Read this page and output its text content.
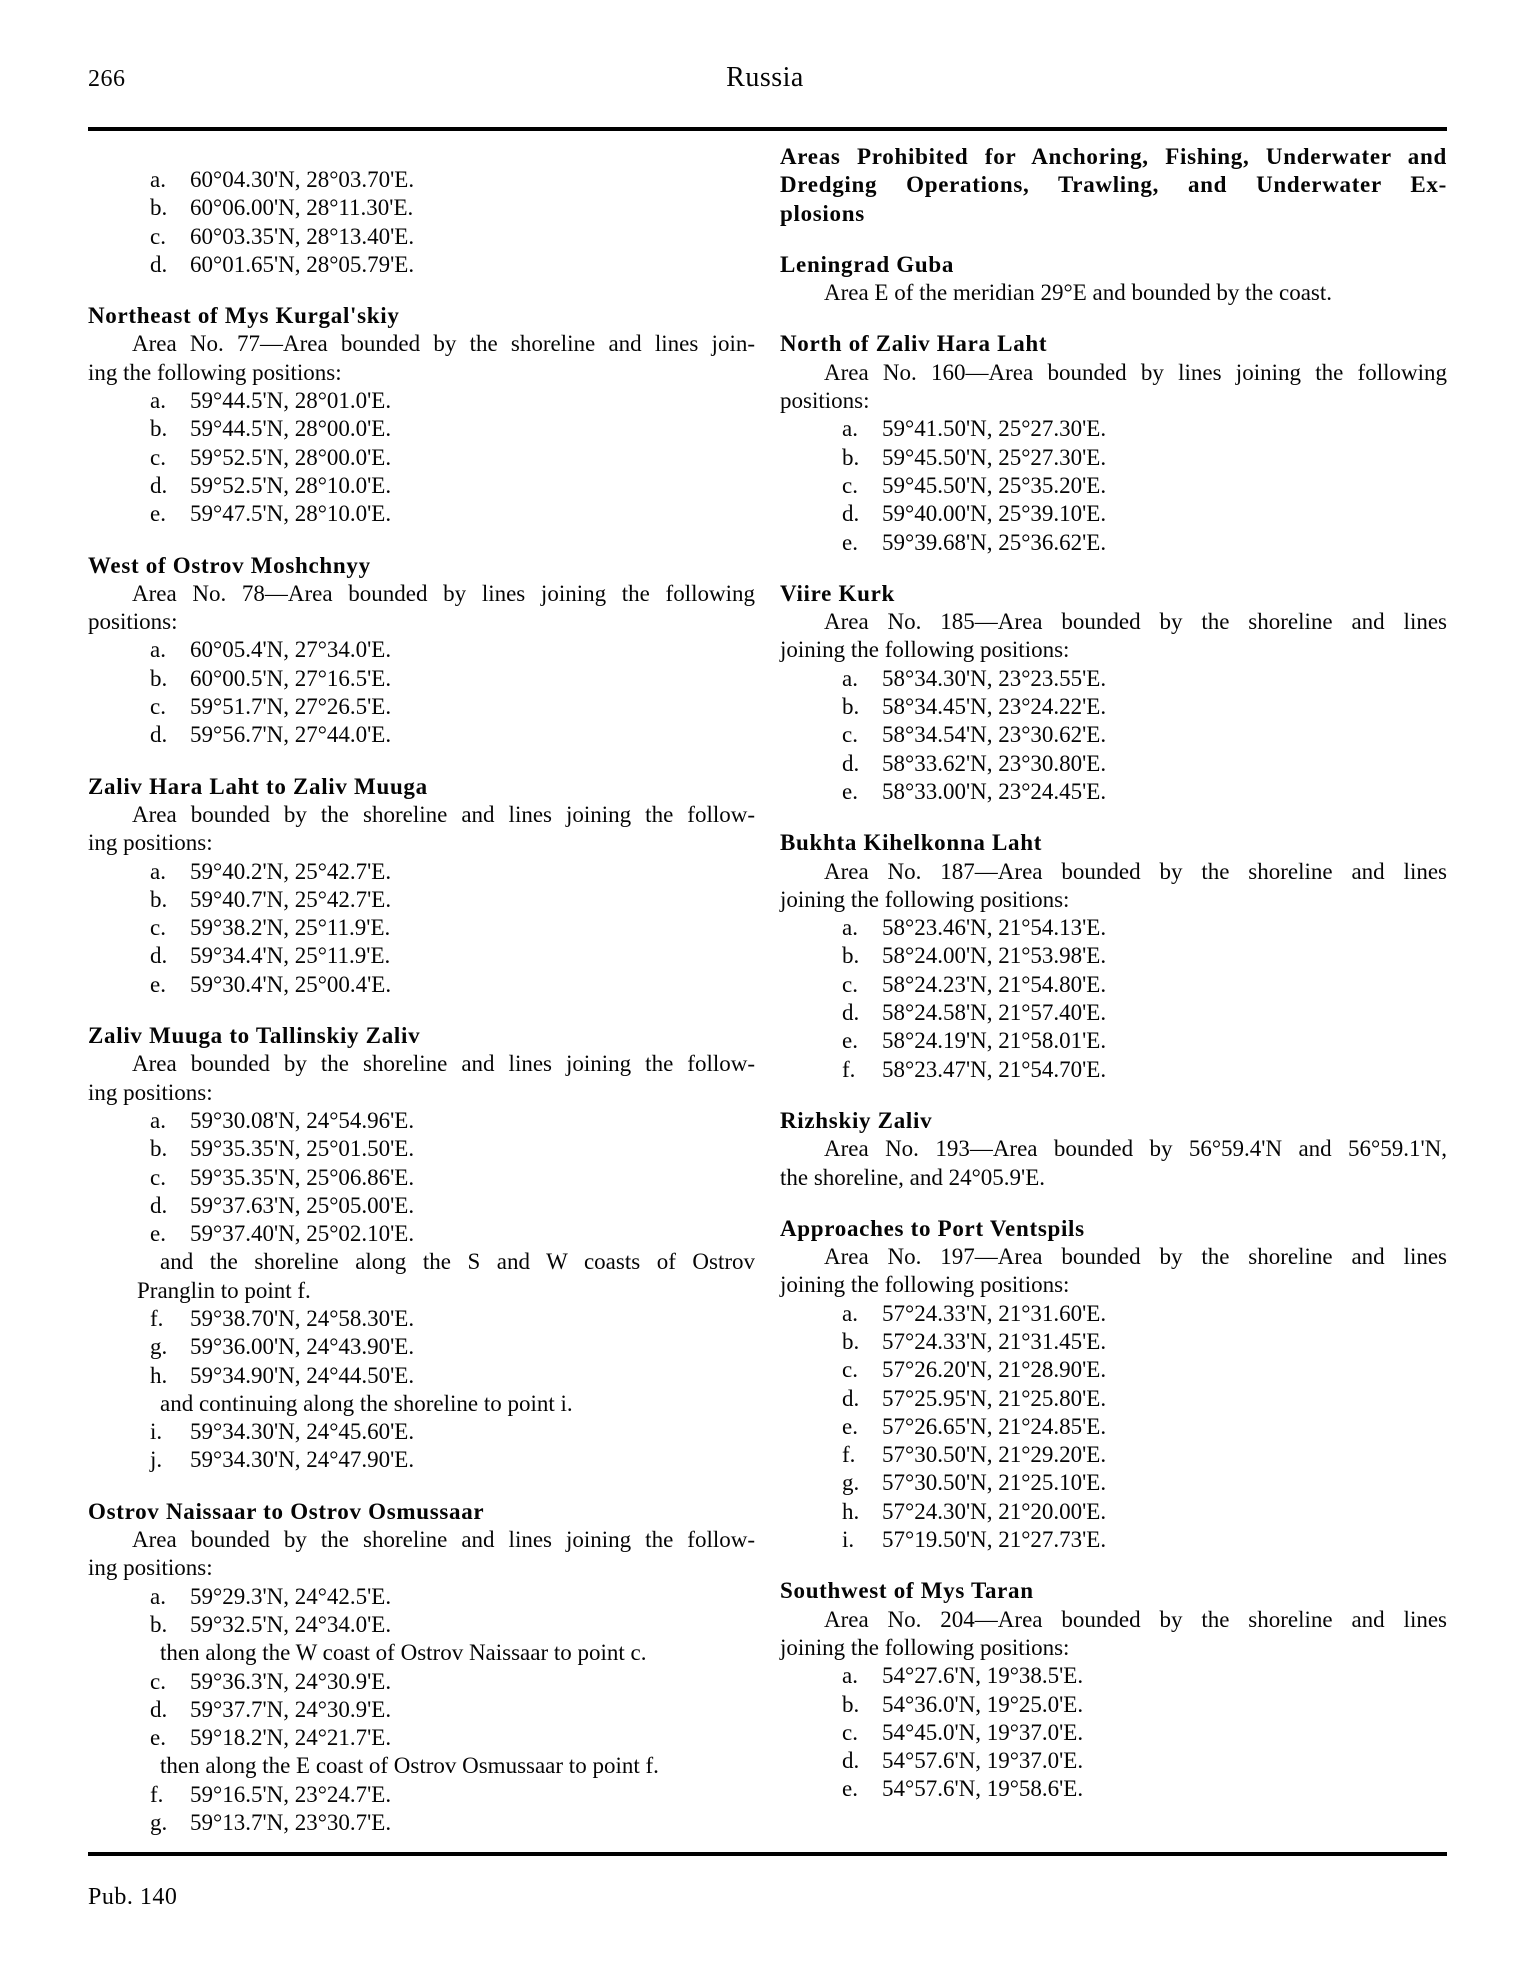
266	Russia
a. 60°04.30'N, 28°03.70'E.
b. 60°06.00'N, 28°11.30'E.
c. 60°03.35'N, 28°13.40'E.
d. 60°01.65'N, 28°05.79'E.
Northeast of Mys Kurgal'skiy
Area No. 77—Area bounded by the shoreline and lines join-
ing the following positions:
a. 59°44.5'N, 28°01.0'E.
b. 59°44.5'N, 28°00.0'E.
c. 59°52.5'N, 28°00.0'E.
d. 59°52.5'N, 28°10.0'E.
e. 59°47.5'N, 28°10.0'E.
West of Ostrov Moshchnyy
Area No. 78—Area bounded by lines joining the following
positions:
a. 60°05.4'N, 27°34.0'E.
b. 60°00.5'N, 27°16.5'E.
c. 59°51.7'N, 27°26.5'E.
d. 59°56.7'N, 27°44.0'E.
Zaliv Hara Laht to Zaliv Muuga
Area bounded by the shoreline and lines joining the follow-
ing positions:
a. 59°40.2'N, 25°42.7'E.
b. 59°40.7'N, 25°42.7'E.
c. 59°38.2'N, 25°11.9'E.
d. 59°34.4'N, 25°11.9'E.
e. 59°30.4'N, 25°00.4'E.
Zaliv Muuga to Tallinskiy Zaliv
Area bounded by the shoreline and lines joining the follow-
ing positions:
a. 59°30.08'N, 24°54.96'E.
b. 59°35.35'N, 25°01.50'E.
c. 59°35.35'N, 25°06.86'E.
d. 59°37.63'N, 25°05.00'E.
e. 59°37.40'N, 25°02.10'E.
and the shoreline along the S and W coasts of Ostrov
Pranglin to point f.
f. 59°38.70'N, 24°58.30'E.
g. 59°36.00'N, 24°43.90'E.
h. 59°34.90'N, 24°44.50'E.
and continuing along the shoreline to point i.
i. 59°34.30'N, 24°45.60'E.
j. 59°34.30'N, 24°47.90'E.
Ostrov Naissaar to Ostrov Osmussaar
Area bounded by the shoreline and lines joining the follow-
ing positions:
a. 59°29.3'N, 24°42.5'E.
b. 59°32.5'N, 24°34.0'E.
then along the W coast of Ostrov Naissaar to point c.
c. 59°36.3'N, 24°30.9'E.
d. 59°37.7'N, 24°30.9'E.
e. 59°18.2'N, 24°21.7'E.
then along the E coast of Ostrov Osmussaar to point f.
f. 59°16.5'N, 23°24.7'E.
g. 59°13.7'N, 23°30.7'E.
Areas Prohibited for Anchoring, Fishing, Underwater and
Dredging Operations, Trawling, and Underwater Ex-
plosions
Leningrad Guba
Area E of the meridian 29°E and bounded by the coast.
North of Zaliv Hara Laht
Area No. 160—Area bounded by lines joining the following
positions:
a. 59°41.50'N, 25°27.30'E.
b. 59°45.50'N, 25°27.30'E.
c. 59°45.50'N, 25°35.20'E.
d. 59°40.00'N, 25°39.10'E.
e. 59°39.68'N, 25°36.62'E.
Viire Kurk
Area No. 185—Area bounded by the shoreline and lines
joining the following positions:
a. 58°34.30'N, 23°23.55'E.
b. 58°34.45'N, 23°24.22'E.
c. 58°34.54'N, 23°30.62'E.
d. 58°33.62'N, 23°30.80'E.
e. 58°33.00'N, 23°24.45'E.
Bukhta Kihelkonna Laht
Area No. 187—Area bounded by the shoreline and lines
joining the following positions:
a. 58°23.46'N, 21°54.13'E.
b. 58°24.00'N, 21°53.98'E.
c. 58°24.23'N, 21°54.80'E.
d. 58°24.58'N, 21°57.40'E.
e. 58°24.19'N, 21°58.01'E.
f. 58°23.47'N, 21°54.70'E.
Rizhskiy Zaliv
Area No. 193—Area bounded by 56°59.4'N and 56°59.1'N,
the shoreline, and 24°05.9'E.
Approaches to Port Ventspils
Area No. 197—Area bounded by the shoreline and lines
joining the following positions:
a. 57°24.33'N, 21°31.60'E.
b. 57°24.33'N, 21°31.45'E.
c. 57°26.20'N, 21°28.90'E.
d. 57°25.95'N, 21°25.80'E.
e. 57°26.65'N, 21°24.85'E.
f. 57°30.50'N, 21°29.20'E.
g. 57°30.50'N, 21°25.10'E.
h. 57°24.30'N, 21°20.00'E.
i. 57°19.50'N, 21°27.73'E.
Southwest of Mys Taran
Area No. 204—Area bounded by the shoreline and lines
joining the following positions:
a. 54°27.6'N, 19°38.5'E.
b. 54°36.0'N, 19°25.0'E.
c. 54°45.0'N, 19°37.0'E.
d. 54°57.6'N, 19°37.0'E.
e. 54°57.6'N, 19°58.6'E.
Pub. 140
